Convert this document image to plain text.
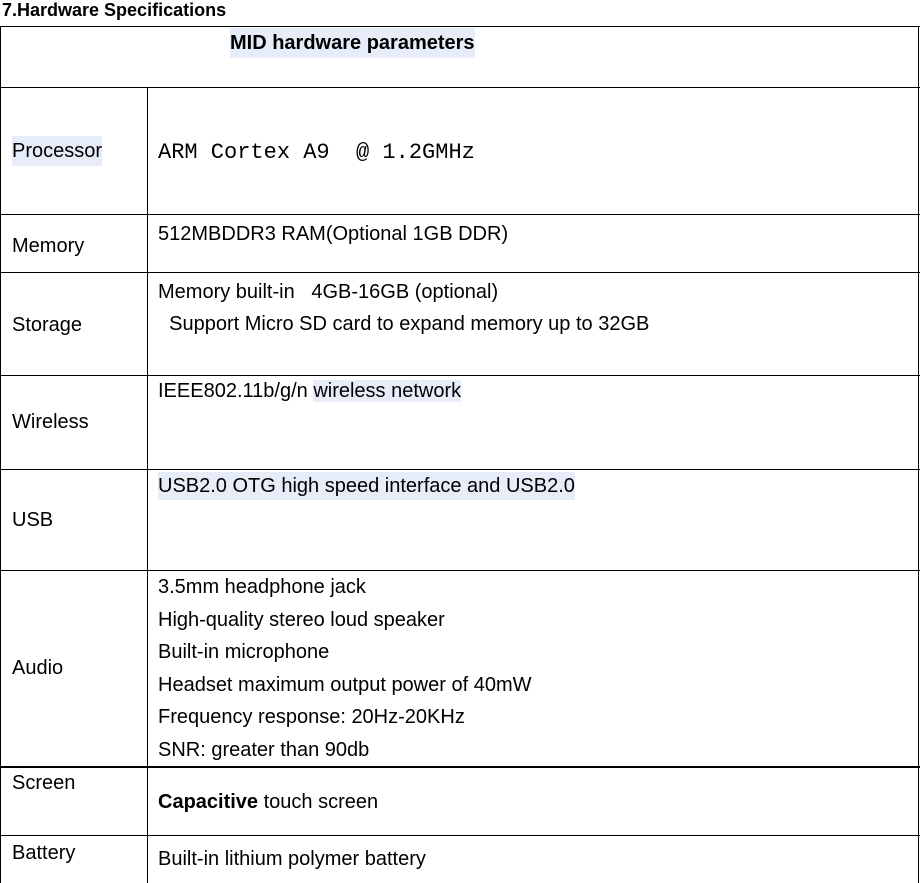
7.Hardware Specifications
MID hardware parameters
Processor	ARM Cortex A9  @ 1.2GMHz
Memory
512MBDDR3 RAM(Optional 1GB DDR)
Storage
Memory built-in   4GB-16GB (optional)
Support Micro SD card to expand memory up to 32GB
Wireless
IEEE802.11b/g/n wireless network
USB
USB2.0 OTG high speed interface and USB2.0
Audio
3.5mm headphone jack
High-quality stereo loud speaker
Built-in microphone
Headset maximum output power of 40mW
Frequency response: 20Hz-20KHz
SNR: greater than 90db
Screen
Capacitive touch screen
Battery	Built-in lithium polymer battery
